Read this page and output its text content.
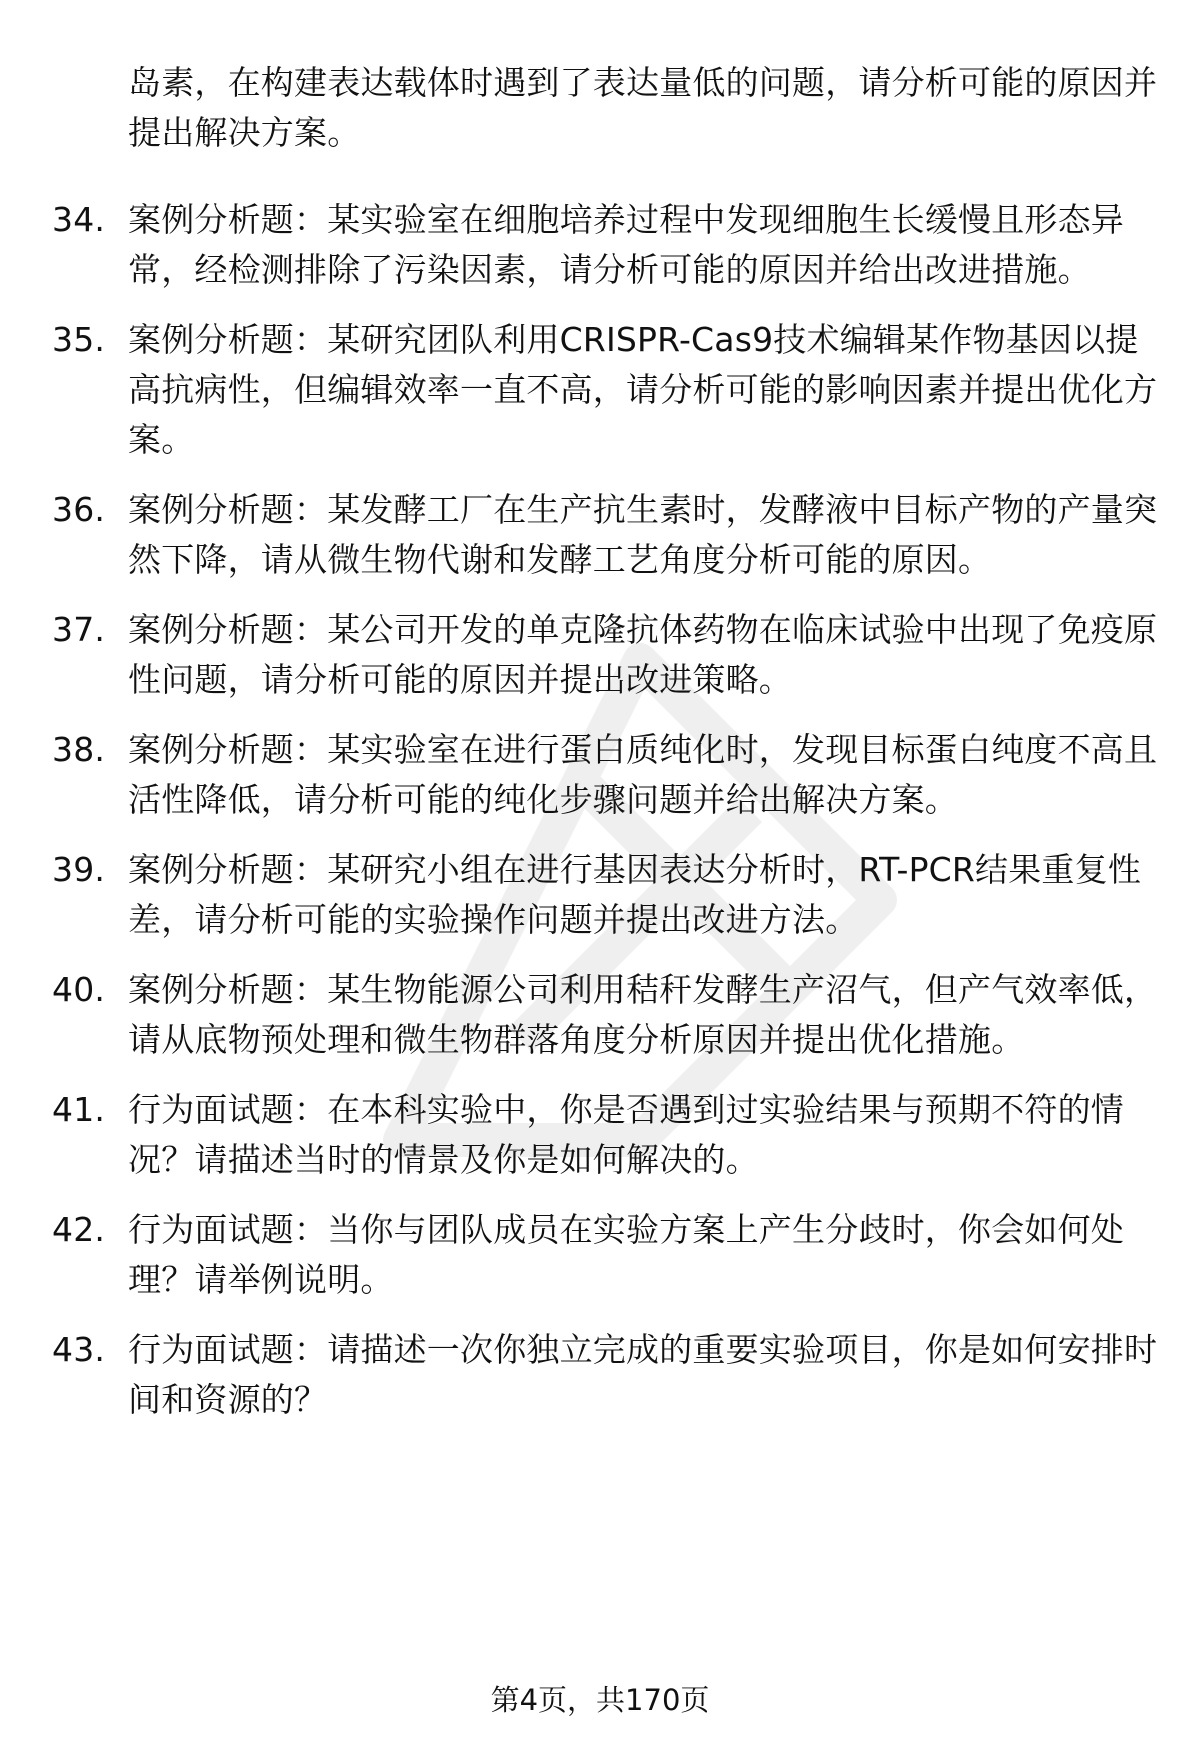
岛素，在构建表达载体时遇到了表达量低的问题，请分析可能的原因并提出解决方案。
34. 案例分析题：某实验室在细胞培养过程中发现细胞生长缓慢且形态异常，经检测排除了污染因素，请分析可能的原因并给出改进措施。
35. 案例分析题：某研究团队利用CRISPR-Cas9技术编辑某作物基因以提高抗病性，但编辑效率一直不高，请分析可能的影响因素并提出优化方案。
36. 案例分析题：某发酵工厂在生产抗生素时，发酵液中目标产物的产量突然下降，请从微生物代谢和发酵工艺角度分析可能的原因。
37. 案例分析题：某公司开发的单克隆抗体药物在临床试验中出现了免疫原性问题，请分析可能的原因并提出改进策略。
38. 案例分析题：某实验室在进行蛋白质纯化时，发现目标蛋白纯度不高且活性降低，请分析可能的纯化步骤问题并给出解决方案。
39. 案例分析题：某研究小组在进行基因表达分析时，RT-PCR结果重复性差，请分析可能的实验操作问题并提出改进方法。
40. 案例分析题：某生物能源公司利用秸秆发酵生产沼气，但产气效率低，请从底物预处理和微生物群落角度分析原因并提出优化措施。
41. 行为面试题：在本科实验中，你是否遇到过实验结果与预期不符的情况？请描述当时的情景及你是如何解决的。
42. 行为面试题：当你与团队成员在实验方案上产生分歧时，你会如何处理？请举例说明。
43. 行为面试题：请描述一次你独立完成的重要实验项目，你是如何安排时间和资源的？
第4页，共170页
